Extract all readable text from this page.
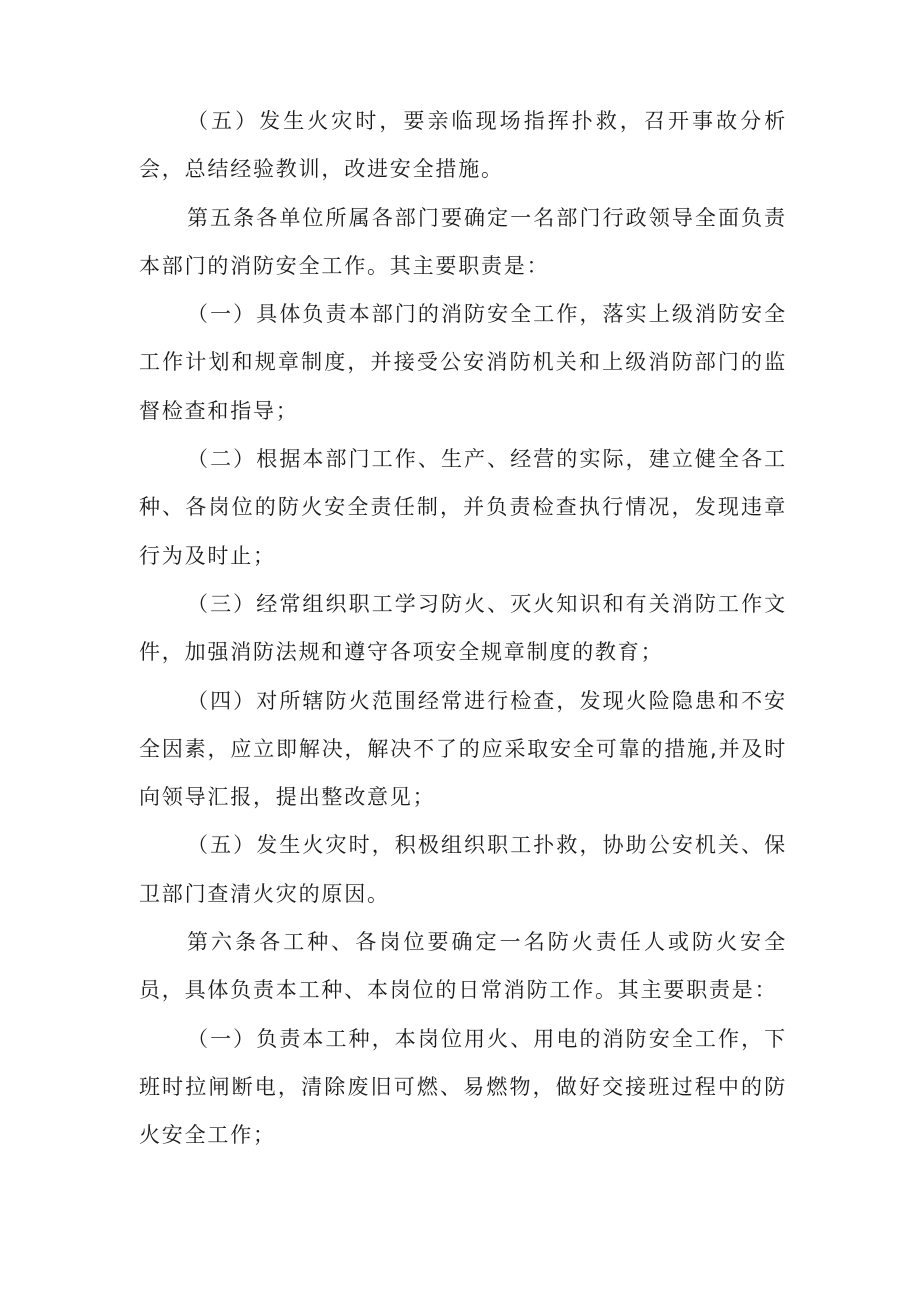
（五）发生火灾时，要亲临现场指挥扑救，召开事故分析会，总结经验教训，改进安全措施。

第五条各单位所属各部门要确定一名部门行政领导全面负责本部门的消防安全工作。其主要职责是：

（一）具体负责本部门的消防安全工作，落实上级消防安全工作计划和规章制度，并接受公安消防机关和上级消防部门的监督检查和指导；

（二）根据本部门工作、生产、经营的实际，建立健全各工种、各岗位的防火安全责任制，并负责检查执行情况，发现违章行为及时止；

（三）经常组织职工学习防火、灭火知识和有关消防工作文件，加强消防法规和遵守各项安全规章制度的教育；

（四）对所辖防火范围经常进行检查，发现火险隐患和不安全因素，应立即解决，解决不了的应采取安全可靠的措施,并及时向领导汇报，提出整改意见；

（五）发生火灾时，积极组织职工扑救，协助公安机关、保卫部门查清火灾的原因。

第六条各工种、各岗位要确定一名防火责任人或防火安全员，具体负责本工种、本岗位的日常消防工作。其主要职责是：

（一）负责本工种，本岗位用火、用电的消防安全工作，下班时拉闸断电，清除废旧可燃、易燃物，做好交接班过程中的防火安全工作；
